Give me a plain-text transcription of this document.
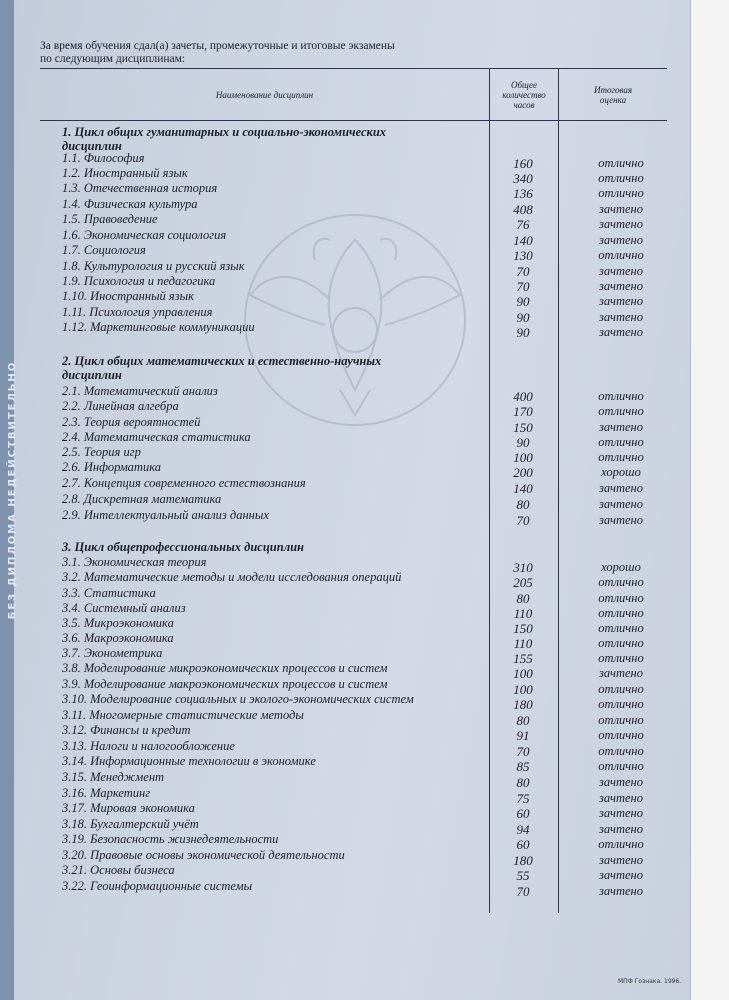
БЕЗ ДИПЛОМА НЕДЕЙСТВИТЕЛЬНО
За время обучения сдал(а) зачеты, промежуточные и итоговые экзамены
по следующим дисциплинам:
Наименование дисциплин
Общее
количество
часов
Итоговая
оценка
1. Цикл общих гуманитарных и социально-экономических
дисциплин
1.1. Философия	160	отлично
1.2. Иностранный язык	340	отлично
1.3. Отечественная история	136	отлично
1.4. Физическая культура	408	зачтено
1.5. Правоведение	76	зачтено
1.6. Экономическая социология	140	зачтено
1.7. Социология	130	отлично
1.8. Культурология и русский язык	70	зачтено
1.9. Психология и педагогика	70	зачтено
1.10. Иностранный язык	90	зачтено
1.11. Психология управления	90	зачтено
1.12. Маркетинговые коммуникации	90	зачтено
2. Цикл общих математических и естественно-научных
дисциплин
2.1. Математический анализ	400	отлично
2.2. Линейная алгебра	170	отлично
2.3. Теория вероятностей	150	зачтено
2.4. Математическая статистика	90	отлично
2.5. Теория игр	100	отлично
2.6. Информатика	200	хорошо
2.7. Концепция современного естествознания	140	зачтено
2.8. Дискретная математика	80	зачтено
2.9. Интеллектуальный анализ данных	70	зачтено
3. Цикл общепрофессиональных дисциплин
3.1. Экономическая теория	310	хорошо
3.2. Математические методы и модели исследования операций	205	отлично
3.3. Статистика	80	отлично
3.4. Системный анализ	110	отлично
3.5. Микроэкономика	150	отлично
3.6. Макроэкономика	110	отлично
3.7. Эконометрика	155	отлично
3.8. Моделирование микроэкономических процессов и систем	100	зачтено
3.9. Моделирование макроэкономических процессов и систем	100	отлично
3.10. Моделирование социальных и эколого-экономических систем	180	отлично
3.11. Многомерные статистические методы	80	отлично
3.12. Финансы и кредит	91	отлично
3.13. Налоги и налогообложение	70	отлично
3.14. Информационные технологии в экономике	85	отлично
3.15. Менеджмент	80	зачтено
3.16. Маркетинг	75	зачтено
3.17. Мировая экономика	60	зачтено
3.18. Бухгалтерский учёт	94	зачтено
3.19. Безопасность жизнедеятельности	60	отлично
3.20. Правовые основы экономической деятельности	180	зачтено
3.21. Основы бизнеса	55	зачтено
3.22. Геоинформационные системы	70	зачтено
МПФ Гознака. 1996.
